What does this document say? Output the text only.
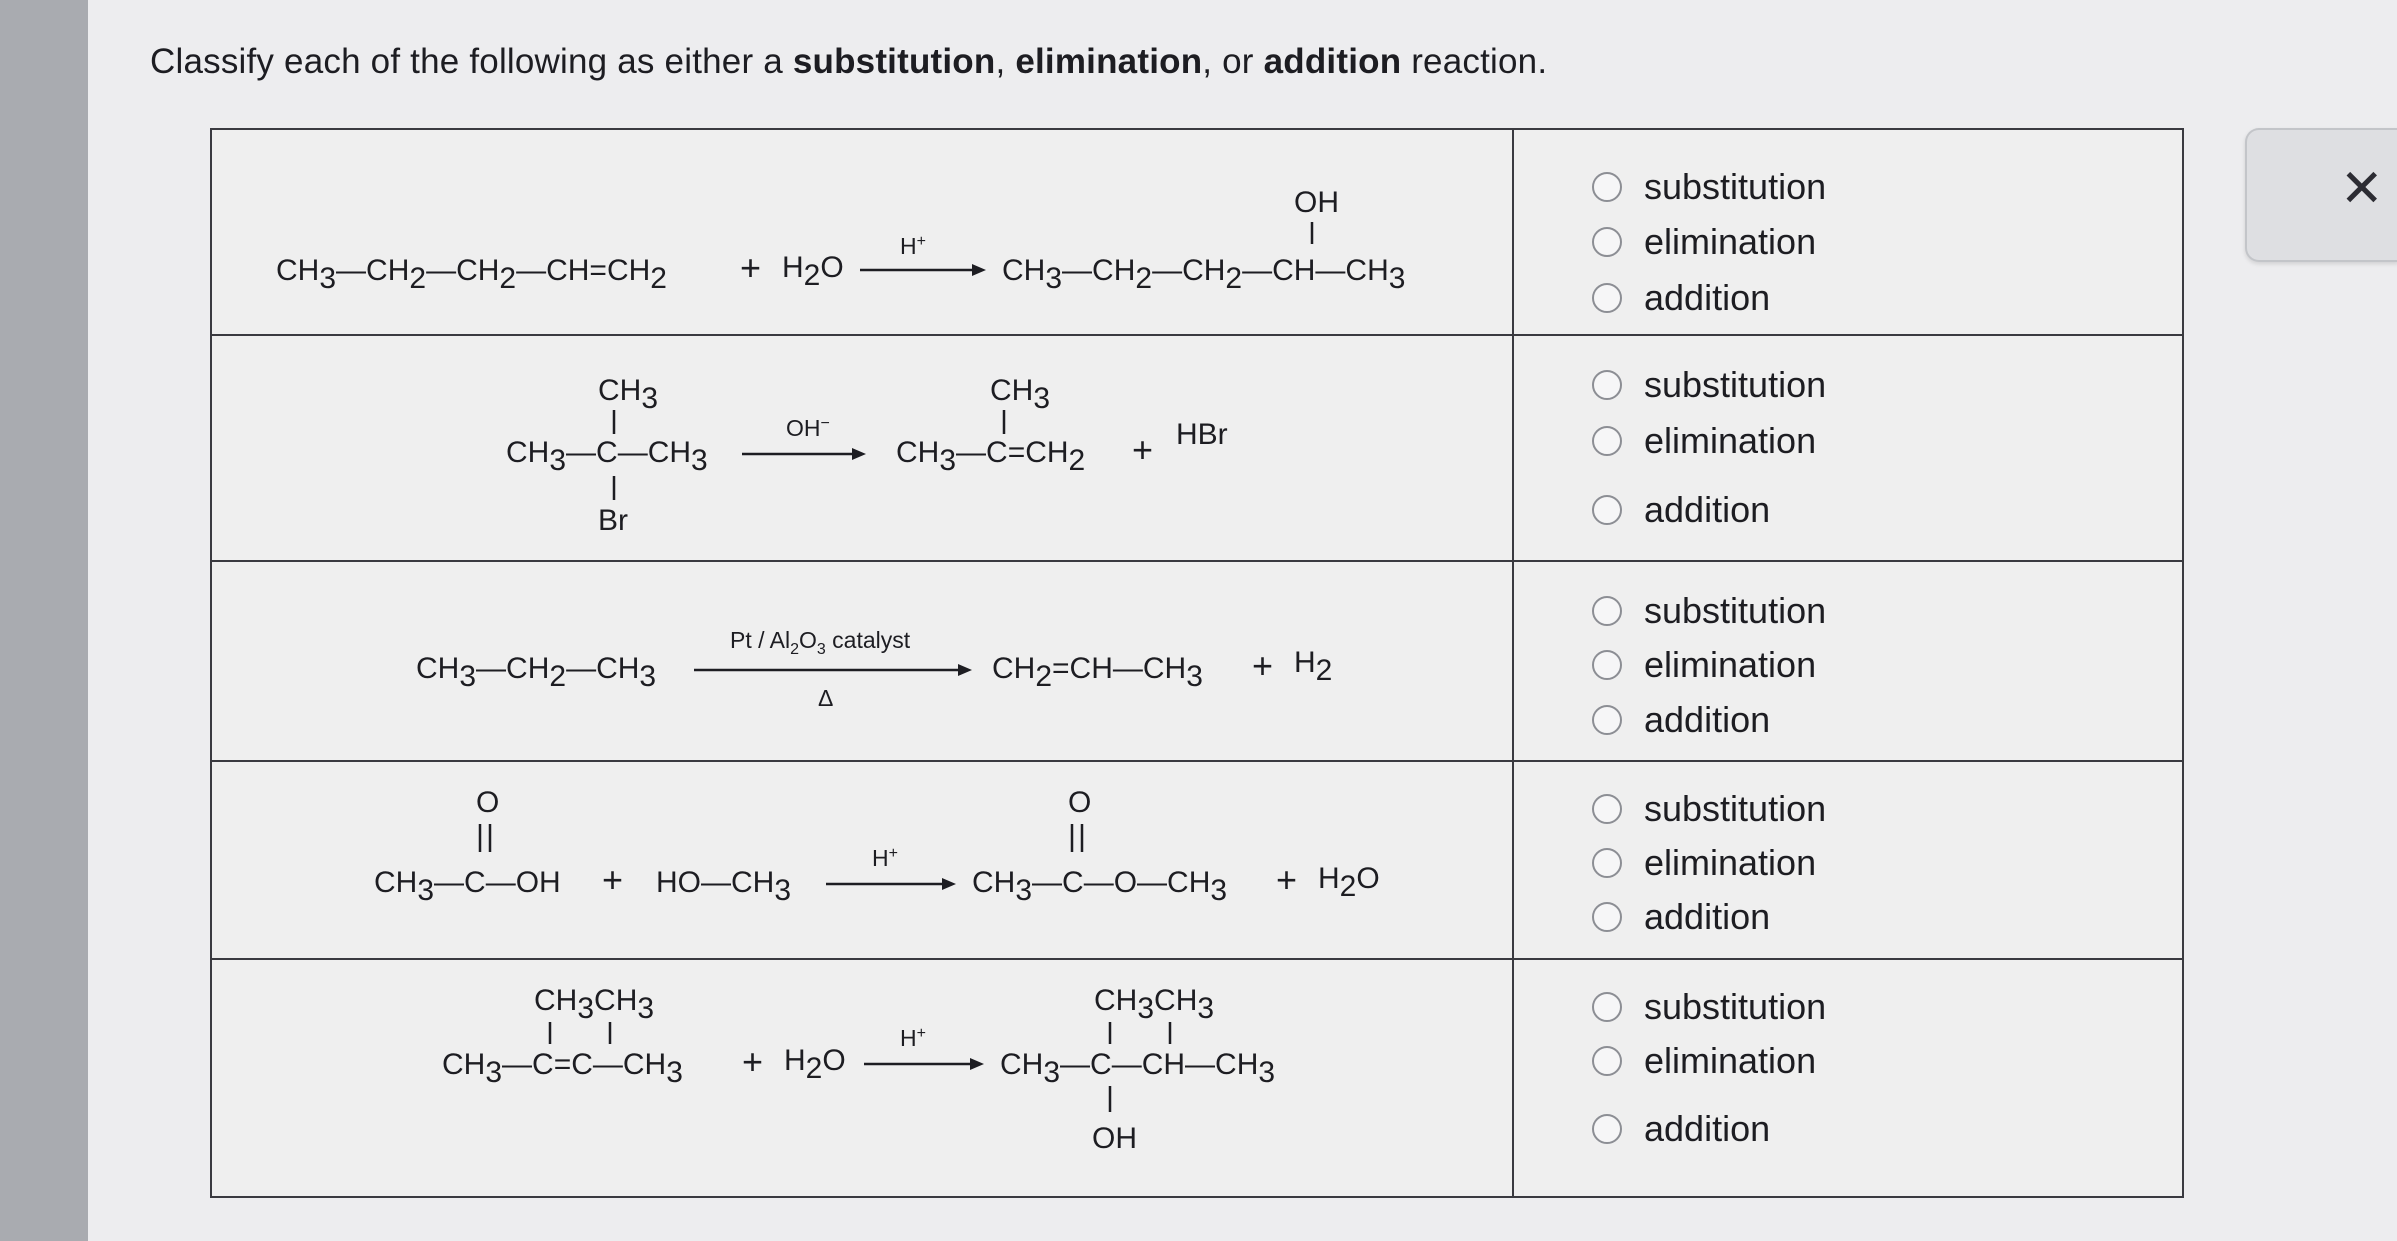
Classify each of the following as either a substitution, elimination, or addition reaction.
✕
CH3—CH2—CH2—CH=CH2 + H2O
H+
OH
CH3—CH2—CH2—CH—CH3
substitution
elimination
addition
CH3
CH3—C—CH3
Br
OH−
CH3
CH3—C=CH2 + HBr
substitution
elimination
addition
CH3—CH2—CH3
Pt / $Al_2O_3$ catalyst
Δ
CH2=CH—CH3 + H2
substitution
elimination
addition
O
CH3—C—OH + HO—CH3
H+
O
CH3—C—O—CH3 + H2O
substitution
elimination
addition
CH3CH3
CH3—C=C—CH3 + H2O
H+
CH3CH3
CH3—C—CH—CH3
OH
substitution
elimination
addition
